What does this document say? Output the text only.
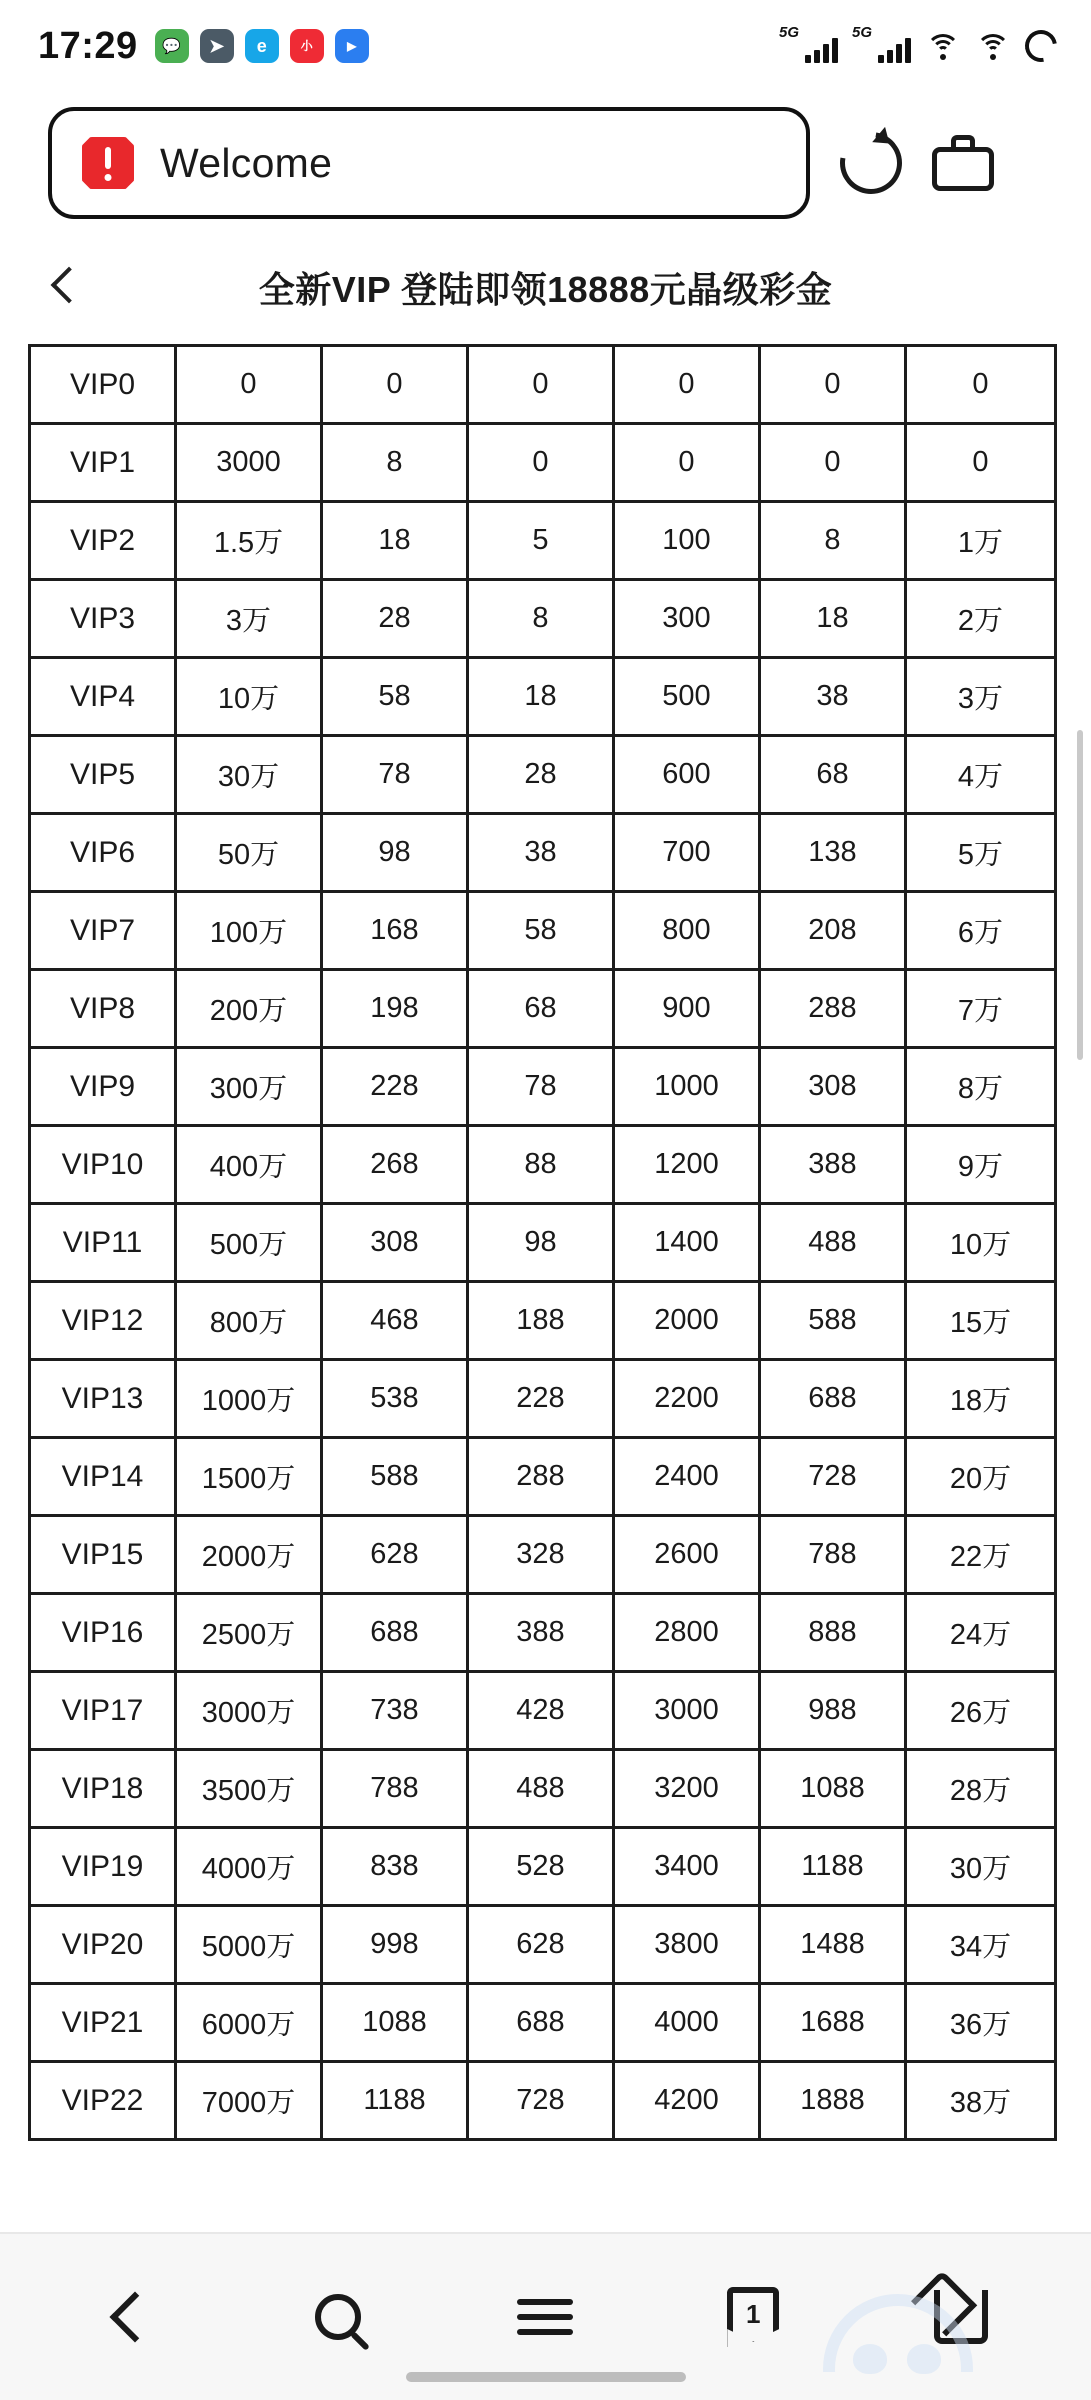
17:29	💬	➤	e	小	▶
5G	5G
Welcome
全新VIP 登陆即领18888元晶级彩金
VIP0	0	0	0	0	0	0
VIP1	3000	8	0	0	0	0
VIP2	1.5万	18	5	100	8	1万
VIP3	3万	28	8	300	18	2万
VIP4	10万	58	18	500	38	3万
VIP5	30万	78	28	600	68	4万
VIP6	50万	98	38	700	138	5万
VIP7	100万	168	58	800	208	6万
VIP8	200万	198	68	900	288	7万
VIP9	300万	228	78	1000	308	8万
VIP10	400万	268	88	1200	388	9万
VIP11	500万	308	98	1400	488	10万
VIP12	800万	468	188	2000	588	15万
VIP13	1000万	538	228	2200	688	18万
VIP14	1500万	588	288	2400	728	20万
VIP15	2000万	628	328	2600	788	22万
VIP16	2500万	688	388	2800	888	24万
VIP17	3000万	738	428	3000	988	26万
VIP18	3500万	788	488	3200	1088	28万
VIP19	4000万	838	528	3400	1188	30万
VIP20	5000万	998	628	3800	1488	34万
VIP21	6000万	1088	688	4000	1688	36万
VIP22	7000万	1188	728	4200	1888	38万
1
